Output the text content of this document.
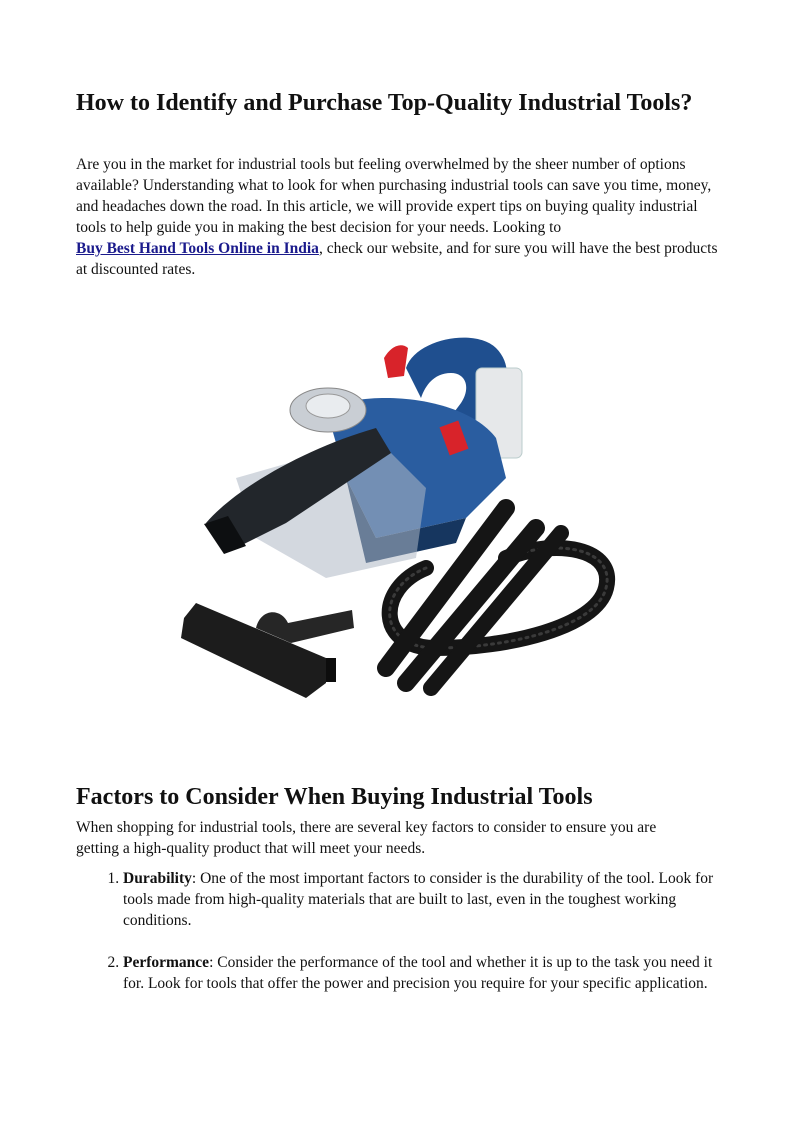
How to Identify and Purchase Top-Quality Industrial Tools?

Are you in the market for industrial tools but feeling overwhelmed by the sheer number of options available? Understanding what to look for when purchasing industrial tools can save you time, money, and headaches down the road. In this article, we will provide expert tips on buying quality industrial tools to help guide you in making the best decision for your needs. Looking to
Buy Best Hand Tools Online in India, check our website, and for sure you will have the best products at discounted rates.

Factors to Consider When Buying Industrial Tools

When shopping for industrial tools, there are several key factors to consider to ensure you are getting a high-quality product that will meet your needs.

1. Durability: One of the most important factors to consider is the durability of the tool. Look for tools made from high-quality materials that are built to last, even in the toughest working conditions.
2. Performance: Consider the performance of the tool and whether it is up to the task you need it for. Look for tools that offer the power and precision you require for your specific application.
